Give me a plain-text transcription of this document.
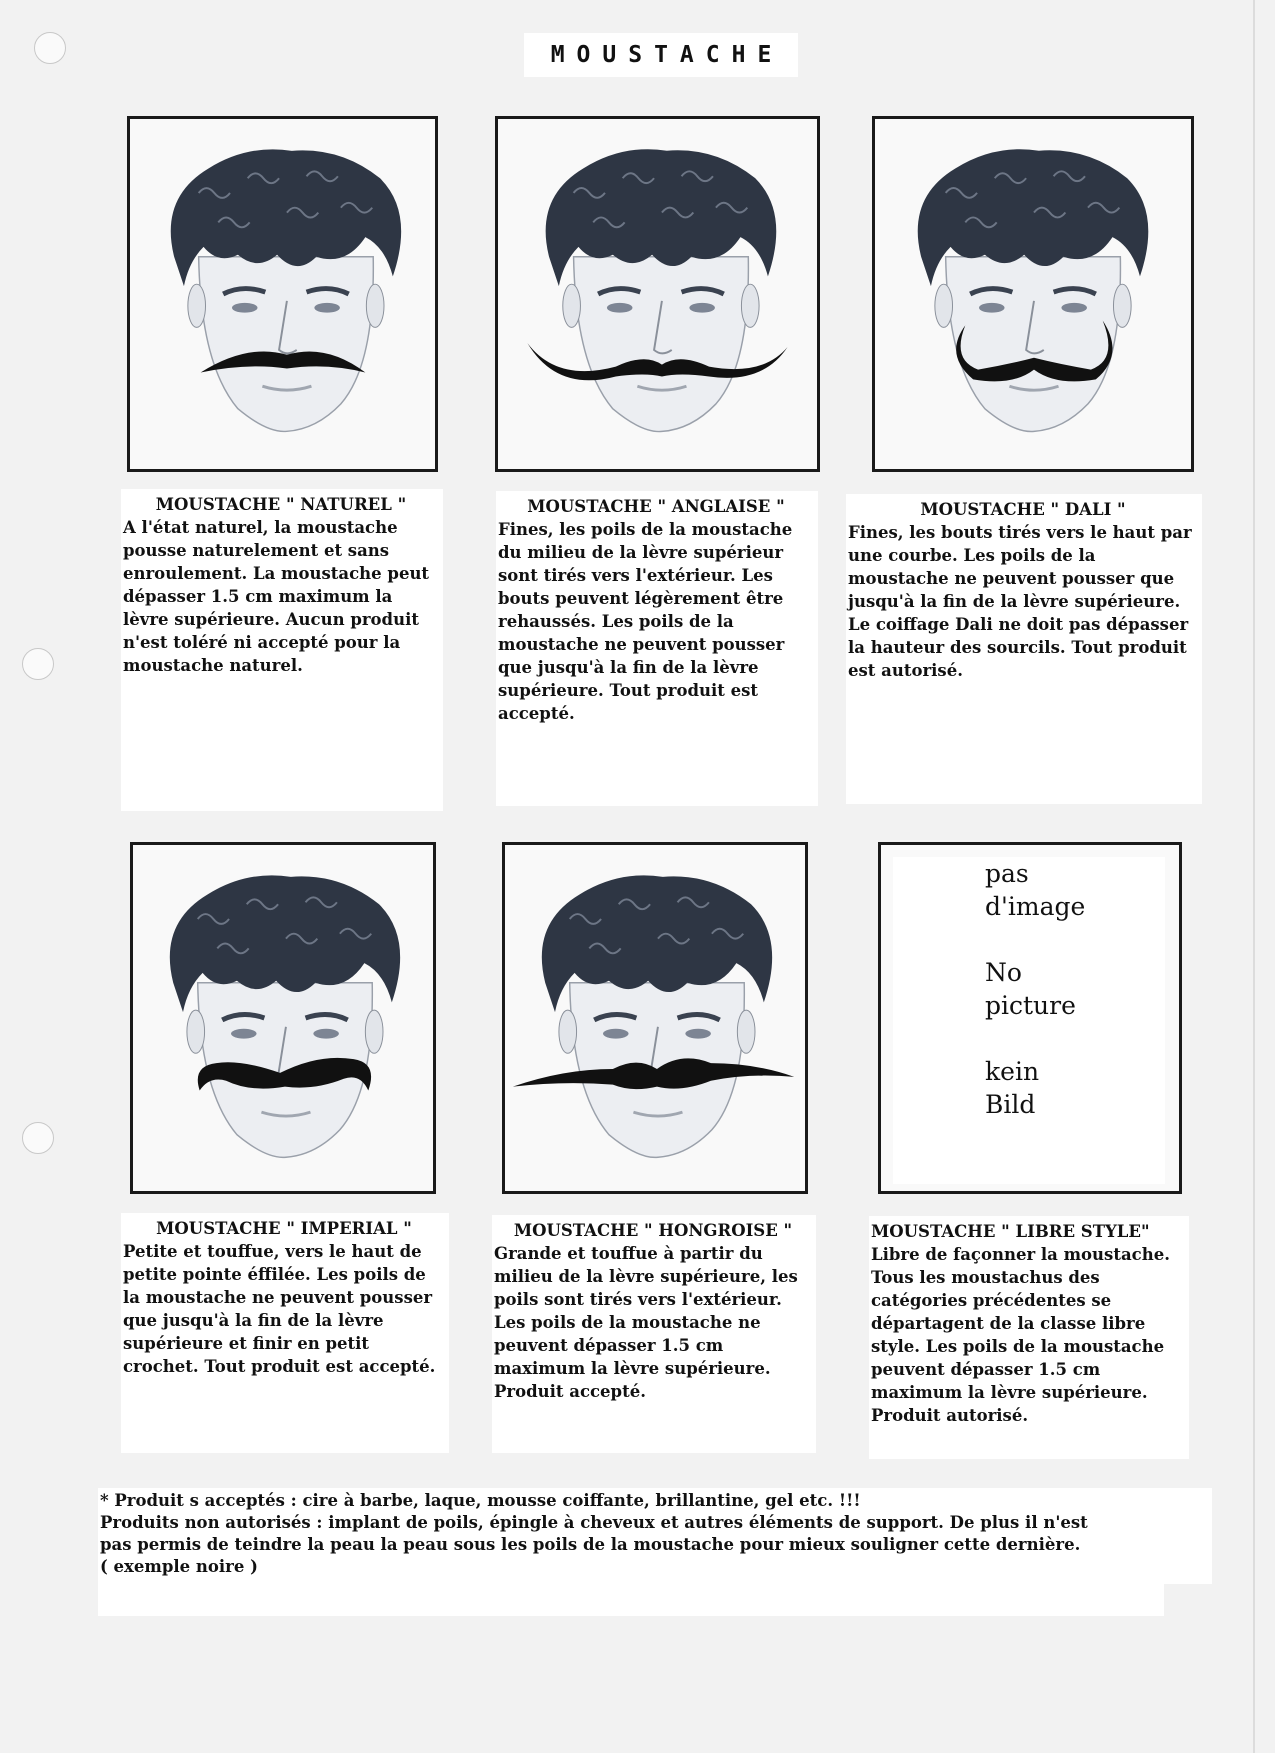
MOUSTACHE
MOUSTACHE " NATUREL "
A l'état naturel, la moustache pousse naturelement et sans enroulement. La moustache peut dépasser 1.5 cm maximum la lèvre supérieure. Aucun produit n'est toléré ni accepté pour la moustache naturel.
MOUSTACHE " ANGLAISE "
Fines, les poils de la moustache du milieu de la lèvre supérieur sont tirés vers l'extérieur. Les bouts peuvent légèrement être rehaussés. Les poils de la moustache ne peuvent pousser que jusqu'à la fin de la lèvre supérieure. Tout produit est accepté.
MOUSTACHE " DALI "
Fines, les bouts tirés vers le haut par une courbe. Les poils de la moustache ne peuvent pousser que jusqu'à la fin de la lèvre supérieure. Le coiffage Dali ne doit pas dépasser la hauteur des sourcils. Tout produit est autorisé.
pas
d'image
No
picture
kein
Bild
MOUSTACHE " IMPERIAL "
Petite et touffue, vers le haut de petite pointe éffilée. Les poils de la moustache ne peuvent pousser que jusqu'à la fin de la lèvre supérieure et finir en petit crochet. Tout produit est accepté.
MOUSTACHE " HONGROISE "
Grande et touffue à partir du milieu de la lèvre supérieure, les poils sont tirés vers l'extérieur. Les poils de la moustache ne peuvent dépasser 1.5 cm maximum la lèvre supérieure. Produit accepté.
MOUSTACHE " LIBRE STYLE"
Libre de façonner la moustache. Tous les moustachus des catégories précédentes se départagent de la classe libre style. Les poils de la moustache peuvent dépasser 1.5 cm maximum la lèvre supérieure. Produit autorisé.
* Produit s acceptés : cire à barbe, laque, mousse coiffante, brillantine, gel etc. !!!
Produits non autorisés : implant de poils, épingle à cheveux et autres éléments de support. De plus il n'est
pas permis de teindre la peau la peau sous les poils de la moustache pour mieux souligner cette dernière.
( exemple noire )
